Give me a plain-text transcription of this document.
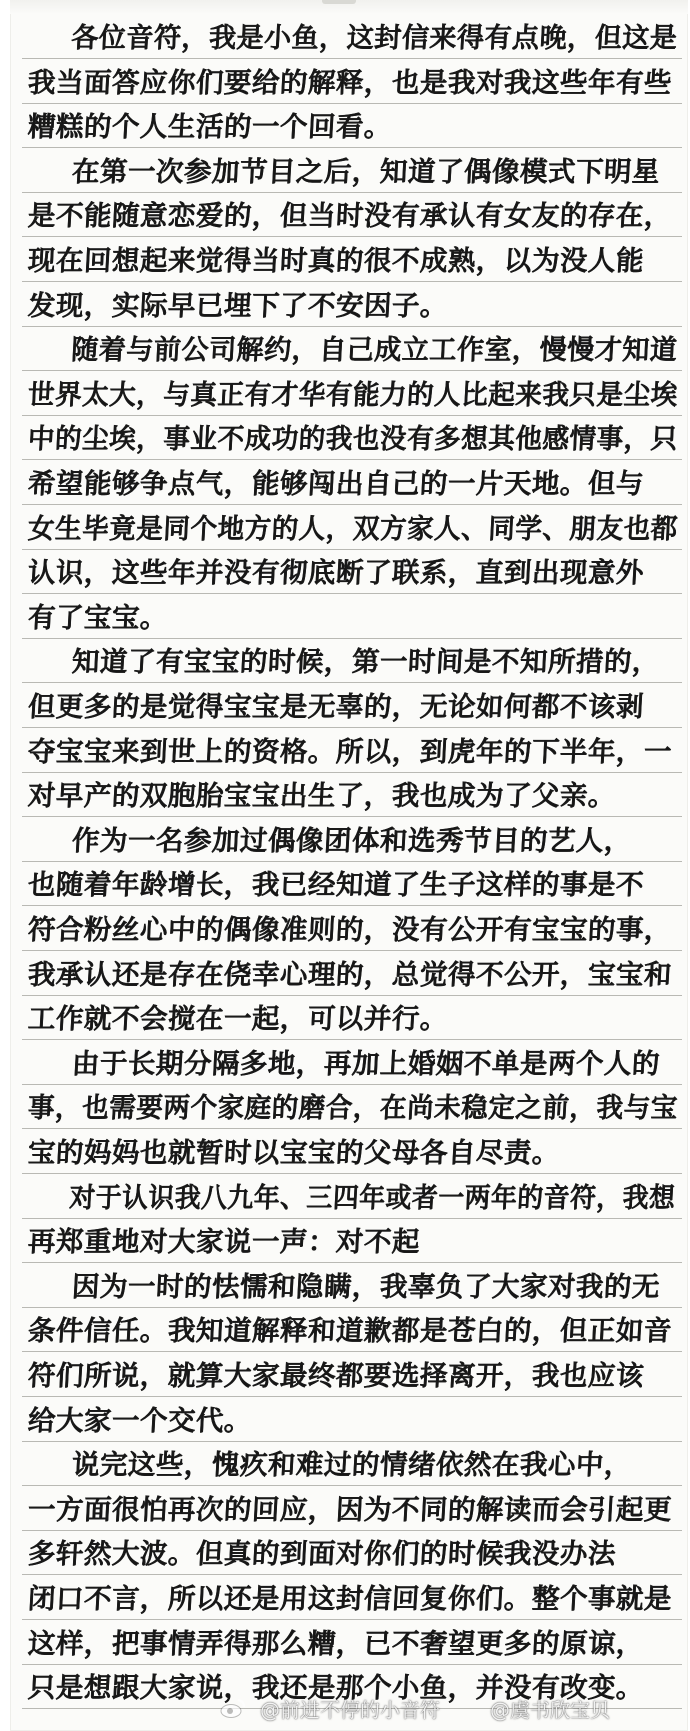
各位音符，我是小鱼，这封信来得有点晚，但这是
我当面答应你们要给的解释，也是我对我这些年有些
糟糕的个人生活的一个回看。
在第一次参加节目之后，知道了偶像模式下明星
是不能随意恋爱的，但当时没有承认有女友的存在，
现在回想起来觉得当时真的很不成熟，以为没人能
发现，实际早已埋下了不安因子。
随着与前公司解约，自己成立工作室，慢慢才知道
世界太大，与真正有才华有能力的人比起来我只是尘埃
中的尘埃，事业不成功的我也没有多想其他感情事，只
希望能够争点气，能够闯出自己的一片天地。但与
女生毕竟是同个地方的人，双方家人、同学、朋友也都
认识，这些年并没有彻底断了联系，直到出现意外
有了宝宝。
知道了有宝宝的时候，第一时间是不知所措的，
但更多的是觉得宝宝是无辜的，无论如何都不该剥
夺宝宝来到世上的资格。所以，到虎年的下半年，一
对早产的双胞胎宝宝出生了，我也成为了父亲。
作为一名参加过偶像团体和选秀节目的艺人，
也随着年龄增长，我已经知道了生子这样的事是不
符合粉丝心中的偶像准则的，没有公开有宝宝的事，
我承认还是存在侥幸心理的，总觉得不公开，宝宝和
工作就不会搅在一起，可以并行。
由于长期分隔多地，再加上婚姻不单是两个人的
事，也需要两个家庭的磨合，在尚未稳定之前，我与宝
宝的妈妈也就暂时以宝宝的父母各自尽责。
对于认识我八九年、三四年或者一两年的音符，我想
再郑重地对大家说一声：对不起
因为一时的怯懦和隐瞒，我辜负了大家对我的无
条件信任。我知道解释和道歉都是苍白的，但正如音
符们所说，就算大家最终都要选择离开，我也应该
给大家一个交代。
说完这些，愧疚和难过的情绪依然在我心中，
一方面很怕再次的回应，因为不同的解读而会引起更
多轩然大波。但真的到面对你们的时候我没办法
闭口不言，所以还是用这封信回复你们。整个事就是
这样，把事情弄得那么糟，已不奢望更多的原谅，
只是想跟大家说，我还是那个小鱼，并没有改变。
@前进不停的小音符	@虞书欣宝贝
